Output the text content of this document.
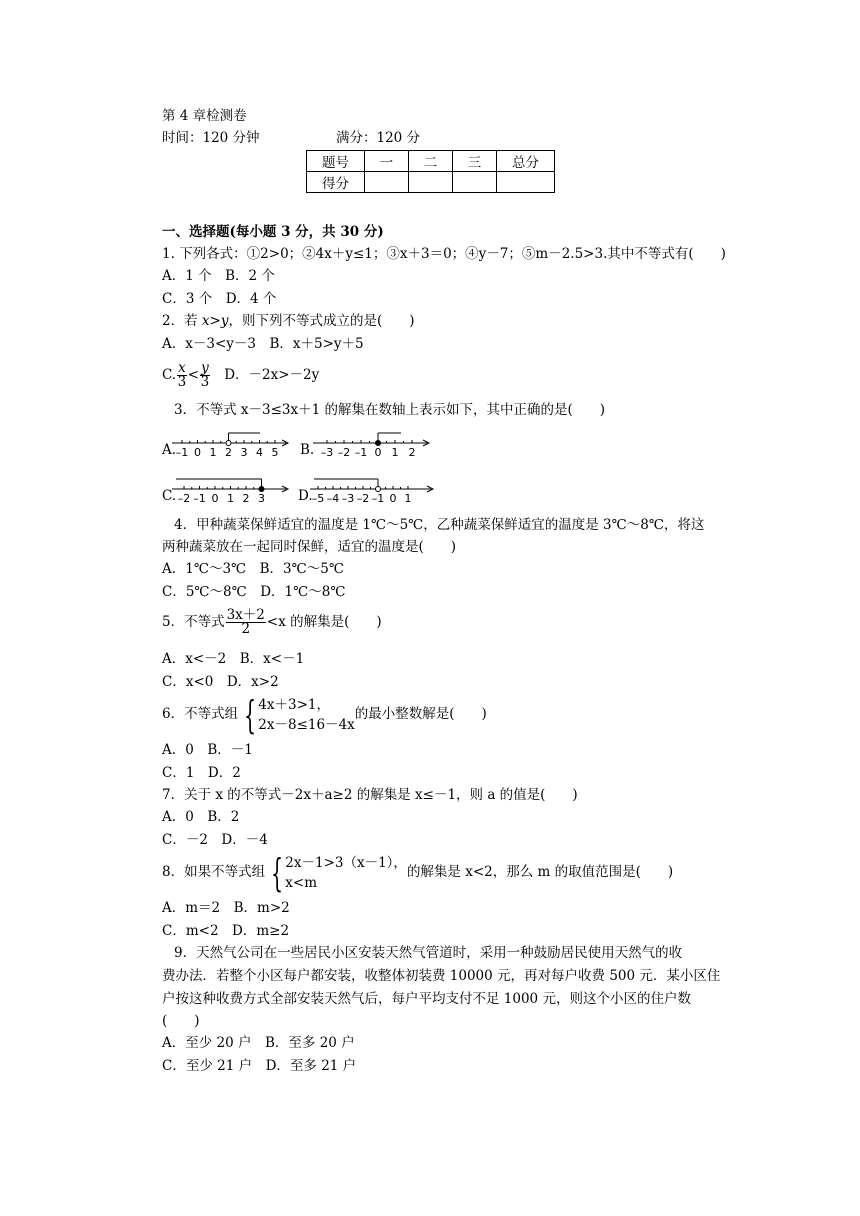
第 4 章检测卷
时间：120 分钟	满分：120 分
题号	一	二	三	总分
得分				
一、选择题(每小题 3 分，共 30 分)
1. 下列各式：①2>0；②4x＋y≤1；③x＋3＝0；④y－7；⑤m－2.5>3.其中不等式有(　　)
A．1 个　B．2 个
C．3 个　D．4 个
2．若 x>y，则下列不等式成立的是(　　)
A．x－3<y－3　B．x＋5>y＋5
C. $\frac{x}{3} < \frac{y}{3}$ 　D．－2x>－2y
3．不等式 x－3≤3x＋1 的解集在数轴上表示如下，其中正确的是(　　)
A. –1 0 1 2 3 4 5 B. –3 –2 –1 0 1 2
C. –2 –1 0 1 2 3 D. –5 –4 –3 –2 –1 0 1
4．甲种蔬菜保鲜适宜的温度是 1℃～5℃，乙种蔬菜保鲜适宜的温度是 3℃～8℃，将这
两种蔬菜放在一起同时保鲜，适宜的温度是(　　)
A．1℃～3℃　B．3℃～5℃
C．5℃～8℃　D．1℃～8℃
5．不等式 $\frac{3x+2}{2} <x$ 的解集是(　　)
A．x<－2　B．x<－1
C．x<0　D．x>2
6．不等式组 { 4x＋3>1，
2x－8≤16－4x
的最小整数解是(　　)
A．0　B．－1
C．1　D．2
7．关于 x 的不等式－2x＋a≥2 的解集是 x≤－1，则 a 的值是(　　)
A．0　B．2
C．－2　D．－4
8．如果不等式组 { 2x－1>3（x－1），
x<m
的解集是 x<2，那么 m 的取值范围是(　　)
A．m＝2　B．m>2
C．m<2　D．m≥2
9．天然气公司在一些居民小区安装天然气管道时，采用一种鼓励居民使用天然气的收
费办法．若整个小区每户都安装，收整体初装费 10000 元，再对每户收费 500 元．某小区住
户按这种收费方式全部安装天然气后，每户平均支付不足 1000 元，则这个小区的住户数
(　　)
A．至少 20 户　B．至多 20 户
C．至少 21 户　D．至多 21 户
